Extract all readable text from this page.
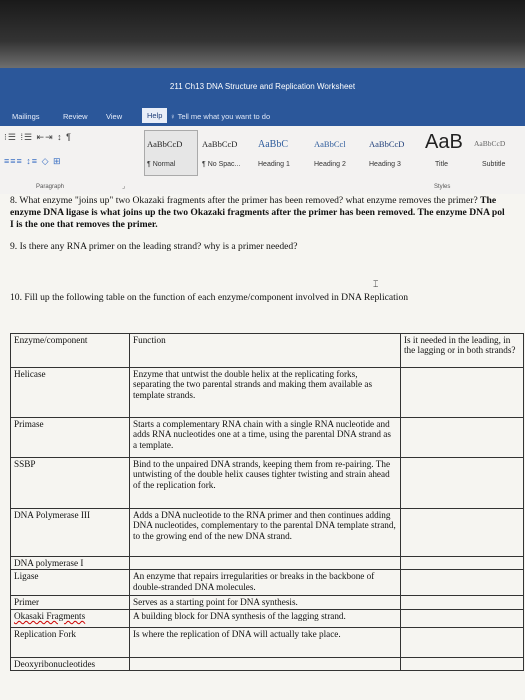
211 Ch13 DNA Structure and Replication Worksheet
Mailings	Review View	Help	♀ Tell me what you want to do
⁝☰ ⁞☰ ⇤⇥ ↕ ¶
≡≡≡ ↕≡ ◇ ⊞
Paragraph	⌟
AaBbCcD
¶ Normal
AaBbCcD
¶ No Spac...
AaBbC
Heading 1
AaBbCcl
Heading 2
AaBbCcD
Heading 3
AaB
Title
AaBbCcD
Subtitle
Styles
8. What enzyme "joins up" two Okazaki fragments after the primer has been removed? what enzyme removes the primer? The enzyme DNA ligase is what joins up the two Okazaki fragments after the primer has been removed. The enzyme DNA pol I is the one that removes the primer.
9. Is there any RNA primer on the leading strand? why is a primer needed?
⌶
10. Fill up the following table on the function of each enzyme/component involved in DNA Replication
Enzyme/component	Function	Is it needed in the leading, in the lagging or in both strands?
Helicase	Enzyme that untwist the double helix at the replicating forks, separating the two parental strands and making them available as template strands.	
Primase	Starts a complementary RNA chain with a single RNA nucleotide and adds RNA nucleotides one at a time, using the parental DNA strand as a template.	
SSBP	Bind to the unpaired DNA strands, keeping them from re-pairing. The untwisting of the double helix causes tighter twisting and strain ahead of the replication fork.	
DNA Polymerase III	Adds a DNA nucleotide to the RNA primer and then continues adding DNA nucleotides, complementary to the parental DNA template strand, to the growing end of the new DNA strand.	
DNA polymerase I		
Ligase	An enzyme that repairs irregularities or breaks in the backbone of double-stranded DNA molecules.	
Primer	Serves as a starting point for DNA synthesis.	
Okasaki Fragments	A building block for DNA synthesis of the lagging strand.	
Replication Fork	Is where the replication of DNA will actually take place.	
Deoxyribonucleotides		
